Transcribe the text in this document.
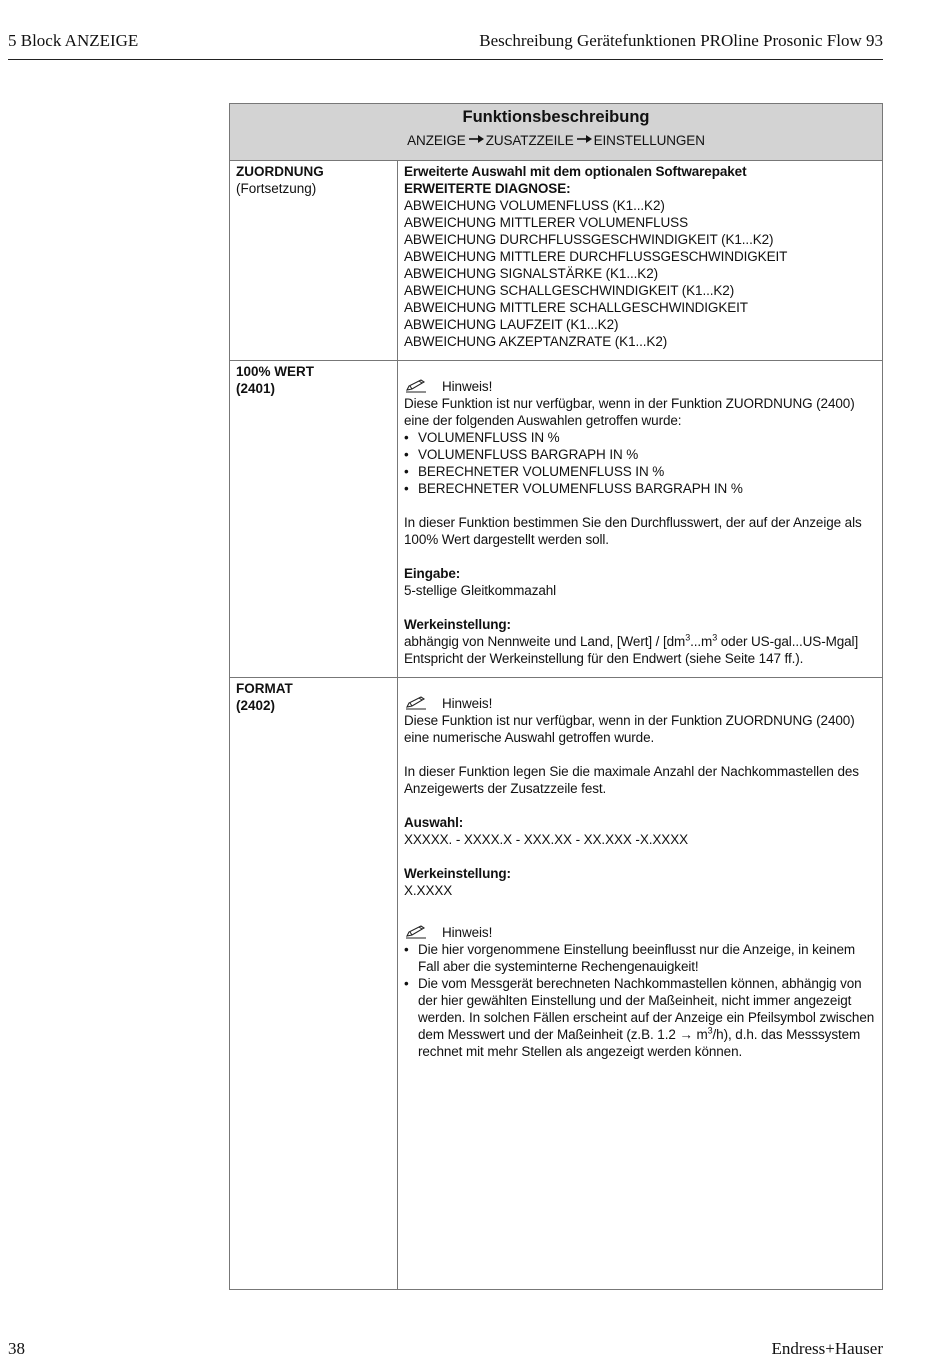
5 Block ANZEIGE	Beschreibung Gerätefunktionen PROline Prosonic Flow 93
Funktionsbeschreibung
ANZEIGE ZUSATZZEILE EINSTELLUNGEN
ZUORDNUNG
(Fortsetzung)
Erweiterte Auswahl mit dem optionalen Softwarepaket
ERWEITERTE DIAGNOSE:
ABWEICHUNG VOLUMENFLUSS (K1...K2)
ABWEICHUNG MITTLERER VOLUMENFLUSS
ABWEICHUNG DURCHFLUSSGESCHWINDIGKEIT (K1...K2)
ABWEICHUNG MITTLERE DURCHFLUSSGESCHWINDIGKEIT
ABWEICHUNG SIGNALSTÄRKE (K1...K2)
ABWEICHUNG SCHALLGESCHWINDIGKEIT (K1...K2)
ABWEICHUNG MITTLERE SCHALLGESCHWINDIGKEIT
ABWEICHUNG LAUFZEIT (K1...K2)
ABWEICHUNG AKZEPTANZRATE (K1...K2)
100% WERT
(2401)	Hinweis!
Diese Funktion ist nur verfügbar, wenn in der Funktion ZUORDNUNG (2400) eine der folgenden Auswahlen getroffen wurde:
• VOLUMENFLUSS IN %
• VOLUMENFLUSS BARGRAPH IN %
• BERECHNETER VOLUMENFLUSS IN %
• BERECHNETER VOLUMENFLUSS BARGRAPH IN %
In dieser Funktion bestimmen Sie den Durchflusswert, der auf der Anzeige als 100% Wert dargestellt werden soll.
Eingabe:
5-stellige Gleitkommazahl
Werkeinstellung:
abhängig von Nennweite und Land, [Wert] / [$dm^3...m^3$ oder US-gal...US-Mgal]
Entspricht der Werkeinstellung für den Endwert (siehe Seite 147 ff.).
FORMAT
(2402)	Hinweis!
Diese Funktion ist nur verfügbar, wenn in der Funktion ZUORDNUNG (2400) eine numerische Auswahl getroffen wurde.
In dieser Funktion legen Sie die maximale Anzahl der Nachkommastellen des Anzeigewerts der Zusatzzeile fest.
Auswahl:
XXXXX. - XXXX.X - XXX.XX - XX.XXX -X.XXXX
Werkeinstellung:
X.XXXX
Hinweis!
• Die hier vorgenommene Einstellung beeinflusst nur die Anzeige, in keinem Fall aber die systeminterne Rechengenauigkeit!
• Die vom Messgerät berechneten Nachkommastellen können, abhängig von der hier gewählten Einstellung und der Maßeinheit, nicht immer angezeigt werden. In solchen Fällen erscheint auf der Anzeige ein Pfeilsymbol zwischen dem Messwert und der Maßeinheit (z.B. $1.2 \to m^3/h$), d.h. das Messsystem rechnet mit mehr Stellen als angezeigt werden können.
38	Endress+Hauser
